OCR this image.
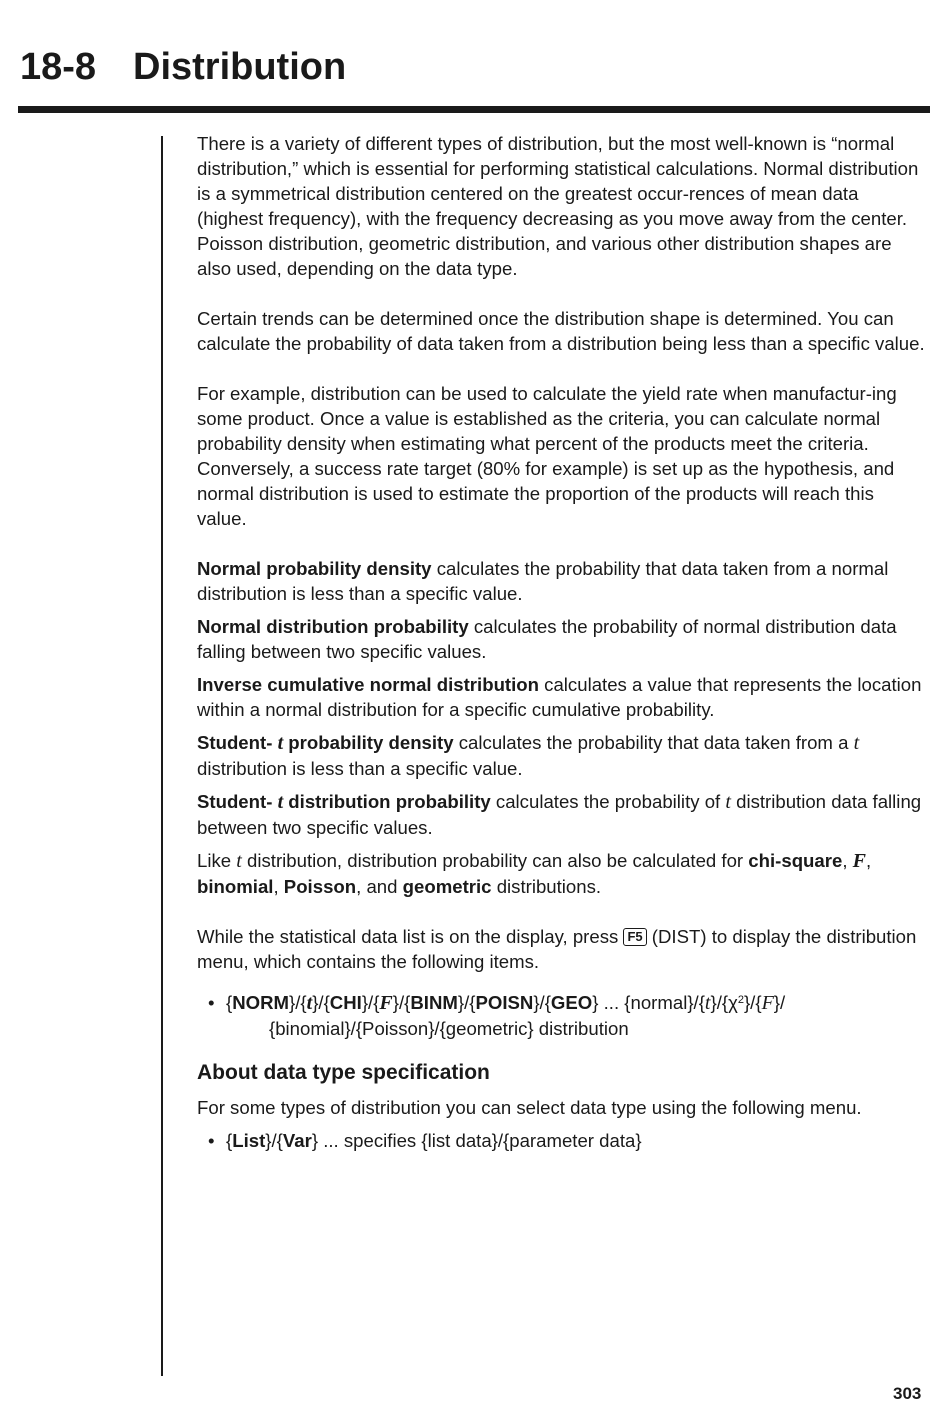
18-8 Distribution

There is a variety of different types of distribution, but the most well-known is “normal distribution,” which is essential for performing statistical calculations. Normal distribution is a symmetrical distribution centered on the greatest occur-rences of mean data (highest frequency), with the frequency decreasing as you move away from the center. Poisson distribution, geometric distribution, and various other distribution shapes are also used, depending on the data type.

Certain trends can be determined once the distribution shape is determined. You can calculate the probability of data taken from a distribution being less than a specific value.

For example, distribution can be used to calculate the yield rate when manufactur-ing some product. Once a value is established as the criteria, you can calculate normal probability density when estimating what percent of the products meet the criteria. Conversely, a success rate target (80% for example) is set up as the hypothesis, and normal distribution is used to estimate the proportion of the products will reach this value.

Normal probability density calculates the probability that data taken from a normal distribution is less than a specific value.

Normal distribution probability calculates the probability of normal distribution data falling between two specific values.

Inverse cumulative normal distribution calculates a value that represents the location within a normal distribution for a specific cumulative probability.

Student- t probability density calculates the probability that data taken from a t distribution is less than a specific value.

Student- t distribution probability calculates the probability of t distribution data falling between two specific values.

Like t distribution, distribution probability can also be calculated for chi-square, F, binomial, Poisson, and geometric distributions.

While the statistical data list is on the display, press F5 (DIST) to display the distribution menu, which contains the following items.

• {NORM}/{t}/{CHI}/{F}/{BINM}/{POISN}/{GEO} ... $\{normal\}/\{t\}/\{\chi^2\}/\{F\}/$
{binomial}/{Poisson}/{geometric} distribution

About data type specification

For some types of distribution you can select data type using the following menu.

• {List}/{Var} ... specifies {list data}/{parameter data}

303
